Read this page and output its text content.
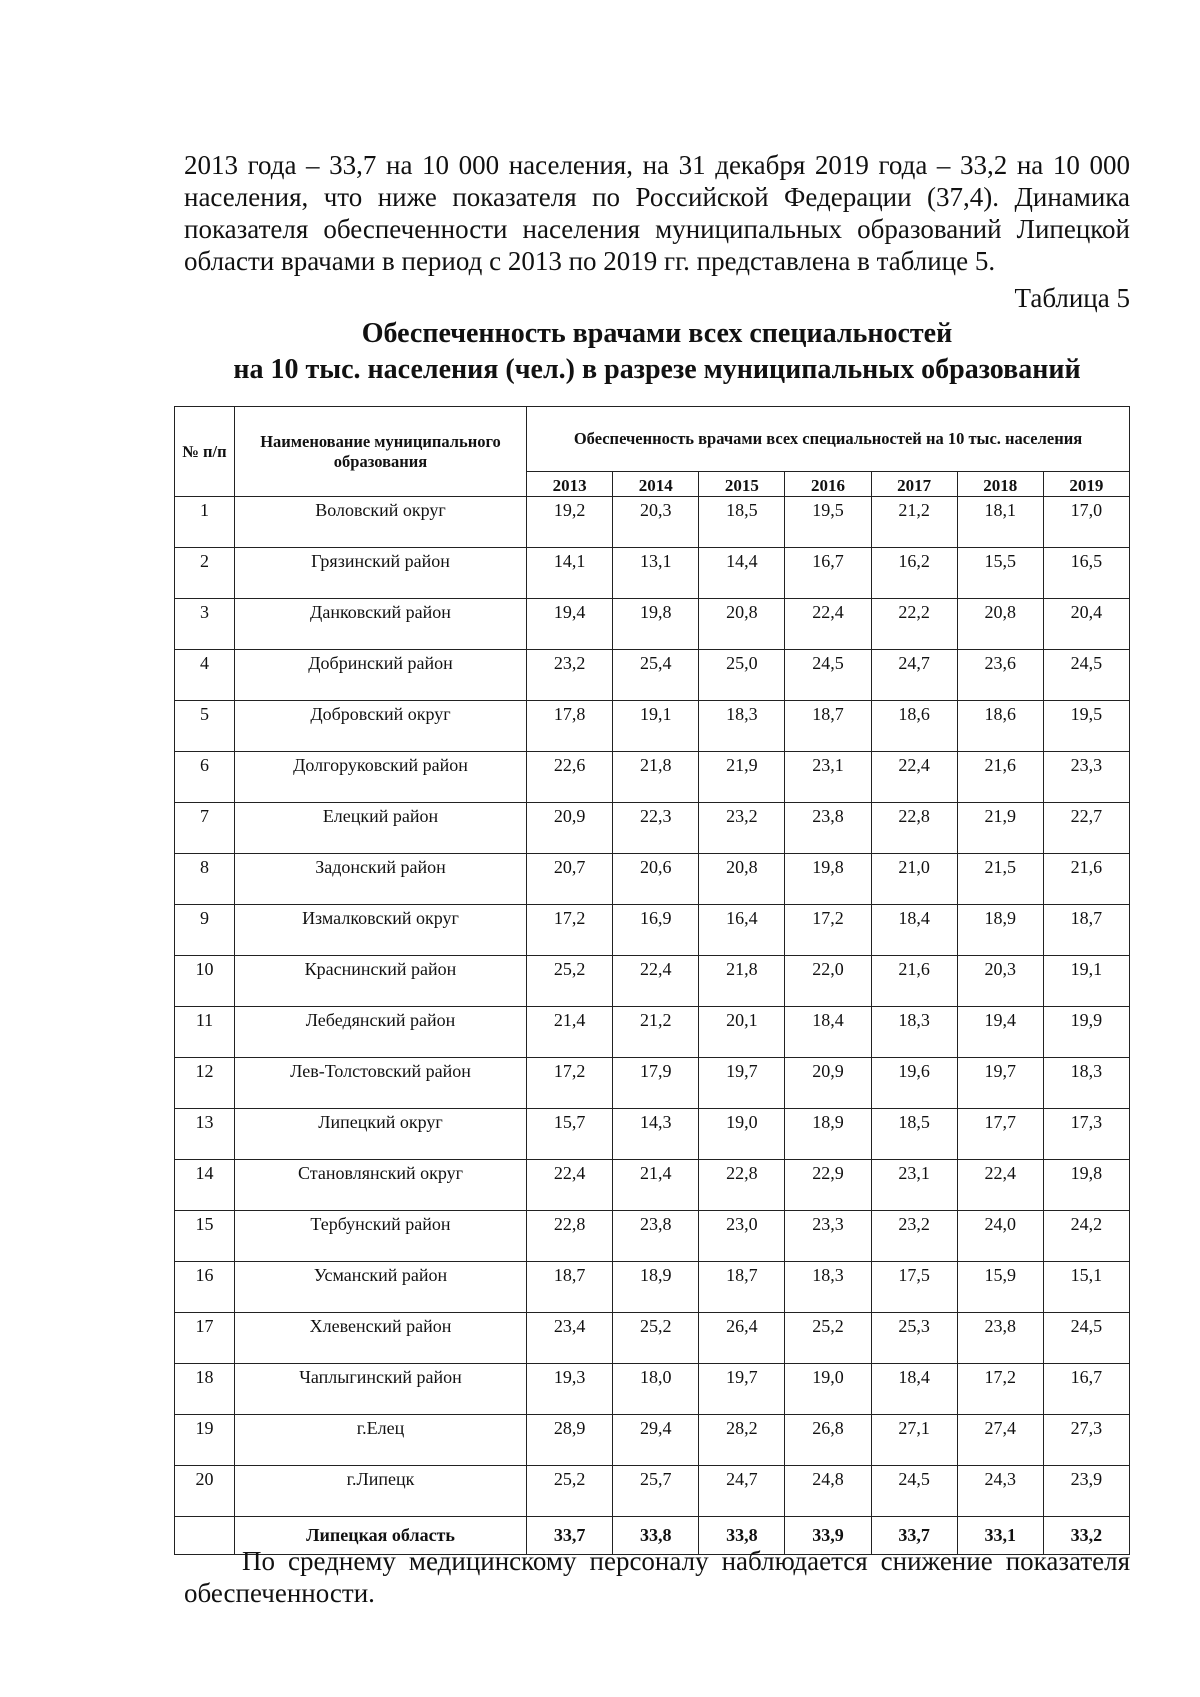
2013 года – 33,7 на 10 000 населения, на 31 декабря 2019 года – 33,2 на 10 000 населения, что ниже показателя по Российской Федерации (37,4). Динамика показателя обеспеченности населения муниципальных образований Липецкой области врачами в период с 2013 по 2019 гг. представлена в таблице 5.

Таблица 5
Обеспеченность врачами всех специальностей
на 10 тыс. населения (чел.) в разрезе муниципальных образований
№ п/п	Наименование муниципального образования	Обеспеченность врачами всех специальностей на 10 тыс. населения						
		2013	2014	2015	2016	2017	2018	2019
1	Воловский округ	19,2	20,3	18,5	19,5	21,2	18,1	17,0
2	Грязинский район	14,1	13,1	14,4	16,7	16,2	15,5	16,5
3	Данковский район	19,4	19,8	20,8	22,4	22,2	20,8	20,4
4	Добринский район	23,2	25,4	25,0	24,5	24,7	23,6	24,5
5	Добровский округ	17,8	19,1	18,3	18,7	18,6	18,6	19,5
6	Долгоруковский район	22,6	21,8	21,9	23,1	22,4	21,6	23,3
7	Елецкий район	20,9	22,3	23,2	23,8	22,8	21,9	22,7
8	Задонский район	20,7	20,6	20,8	19,8	21,0	21,5	21,6
9	Измалковский округ	17,2	16,9	16,4	17,2	18,4	18,9	18,7
10	Краснинский район	25,2	22,4	21,8	22,0	21,6	20,3	19,1
11	Лебедянский район	21,4	21,2	20,1	18,4	18,3	19,4	19,9
12	Лев-Толстовский район	17,2	17,9	19,7	20,9	19,6	19,7	18,3
13	Липецкий округ	15,7	14,3	19,0	18,9	18,5	17,7	17,3
14	Становлянский округ	22,4	21,4	22,8	22,9	23,1	22,4	19,8
15	Тербунский район	22,8	23,8	23,0	23,3	23,2	24,0	24,2
16	Усманский район	18,7	18,9	18,7	18,3	17,5	15,9	15,1
17	Хлевенский район	23,4	25,2	26,4	25,2	25,3	23,8	24,5
18	Чаплыгинский район	19,3	18,0	19,7	19,0	18,4	17,2	16,7
19	г.Елец	28,9	29,4	28,2	26,8	27,1	27,4	27,3
20	г.Липецк	25,2	25,7	24,7	24,8	24,5	24,3	23,9
	Липецкая область	33,7	33,8	33,8	33,9	33,7	33,1	33,2

По среднему медицинскому персоналу наблюдается снижение показателя обеспеченности.
